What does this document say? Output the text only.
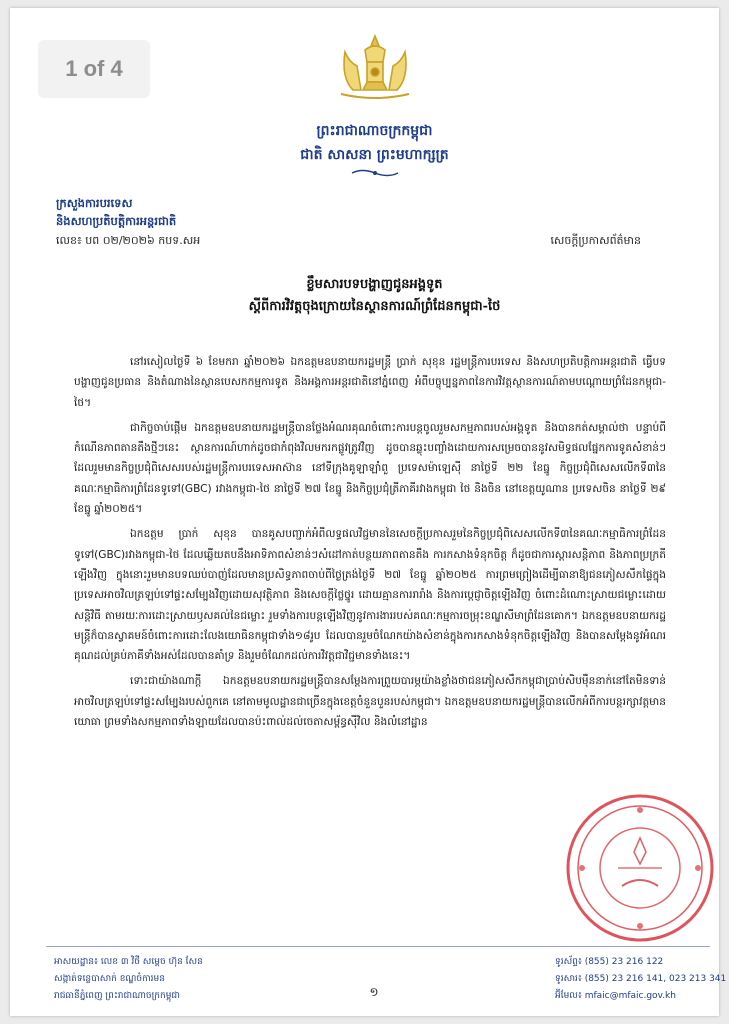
1 of 4
ព្រះរាជាណាចក្រកម្ពុជា
ជាតិ សាសនា ព្រះមហាក្សត្រ
ក្រសួងការបរទេស
និងសហប្រតិបត្តិការអន្តរជាតិ
លេខ៖ បព ០២/២០២៦ កបទ.សអ	សេចក្តីប្រកាសព័ត៌មាន
ខ្លឹមសារបទបង្ហាញជូនអង្គទូត
ស្តីពីការវិវត្តចុងក្រោយនៃស្ថានការណ៍ព្រំដែនកម្ពុជា-ថៃ

នៅរសៀលថ្ងៃទី ៦ ខែមករា ឆ្នាំ២០២៦ ឯកឧត្តមឧបនាយករដ្ឋមន្ត្រី ប្រាក់ សុខុន រដ្ឋមន្ត្រីការបរទេស និងសហប្រតិបត្តិការអន្តរជាតិ ធ្វើបទបង្ហាញជូនប្រធាន និងតំណាងនៃស្ថានបេសកកម្មការទូត និងអង្គការអន្តរជាតិនៅភ្នំពេញ អំពីបច្ចុប្បន្នភាពនៃការវិវត្តស្ថានការណ៍តាមបណ្តោយព្រំដែនកម្ពុជា-ថៃ។

ជាកិច្ចចាប់ផ្តើម ឯកឧត្តមឧបនាយករដ្ឋមន្ត្រីបានថ្លែងអំណរគុណចំពោះការបន្តចូលរួមសកម្មភាពរបស់អង្គទូត និងបានកត់សម្គាល់ថា បន្ទាប់ពីកំណើនភាពតានតឹងថ្មីៗនេះ ស្ថានការណ៍ហាក់ដូចជាកំពុងវិលមករកផ្លូវត្រូវវិញ ដូចបានឆ្លុះបញ្ចាំងដោយការសម្រេចបាននូវសមិទ្ធផលផ្នែកការទូតសំខាន់ៗ ដែលរួមមានកិច្ចប្រជុំពិសេសរបស់រដ្ឋមន្ត្រីការបរទេសអាស៊ាន នៅទីក្រុងគូឡាឡាំពួ ប្រទេសម៉ាឡេស៊ី នាថ្ងៃទី ២២ ខែធ្នូ កិច្ចប្រជុំពិសេសលើកទី៣នៃគណៈកម្មាធិការព្រំដែនទូទៅ(GBC) រវាងកម្ពុជា-ថៃ នាថ្ងៃទី ២៧ ខែធ្នូ និងកិច្ចប្រជុំត្រីភាគីរវាងកម្ពុជា ថៃ និងចិន នៅខេត្តយូណាន ប្រទេសចិន នាថ្ងៃទី ២៩ ខែធ្នូ ឆ្នាំ២០២៥។

ឯកឧត្តម ប្រាក់ សុខុន បានគូសបញ្ជាក់អំពីលទ្ធផលវិជ្ជមាននៃសេចក្តីប្រកាសរួមនៃកិច្ចប្រជុំពិសេសលើកទី៣នៃគណៈកម្មាធិការព្រំដែនទូទៅ(GBC)រវាងកម្ពុជា-ថៃ ដែលឆ្លើយតបនឹងអាទិភាពសំខាន់ៗសំដៅកាត់បន្ថយភាពតានតឹង ការកសាងទំនុកចិត្ត ក៏ដូចជាការស្តារសន្តិភាព និងភាពប្រក្រតីឡើងវិញ ក្នុងនោះរួមមានបទឈប់បាញ់ដែលមានប្រសិទ្ធភាពចាប់ពីថ្ងៃត្រង់ថ្ងៃទី ២៧ ខែធ្នូ ឆ្នាំ២០២៥ ការព្រមព្រៀងដើម្បីធានាឱ្យជនភៀសសឹកផ្ទៃក្នុងប្រទេសអាចវិលត្រឡប់ទៅផ្ទះសម្បែងវិញដោយសុវត្ថិភាព និងសេចក្តីថ្លៃថ្នូរ ដោយគ្មានការរារាំង និងការប្តេជ្ញាចិត្តឡើងវិញ ចំពោះដំណោះស្រាយជម្លោះដោយសន្តិវិធី តាមរយៈការដោះស្រាយឫសគល់នៃជម្លោះ រួមទាំងការបន្តឡើងវិញនូវការងាររបស់គណៈកម្មការចម្រុះខណ្ឌសីមាព្រំដែនគោក។ ឯកឧត្តមឧបនាយករដ្ឋមន្ត្រីក៏បានស្វាគមន៍ចំពោះការដោះលែងយោធិនកម្ពុជាទាំង១៨រូប ដែលបានរួមចំណែកយ៉ាងសំខាន់ក្នុងការកសាងទំនុកចិត្តឡើងវិញ និងបានសម្តែងនូវអំណរគុណដល់គ្រប់ភាគីទាំងអស់ដែលបានគាំទ្រ និងរួមចំណែកដល់ការវិវត្តជាវិជ្ជមានទាំងនេះ។

ទោះជាយ៉ាងណាក្តី ឯកឧត្តមឧបនាយករដ្ឋមន្ត្រីបានសម្តែងការព្រួយបារម្ភយ៉ាងខ្លាំងថាជនភៀសសឹកកម្ពុជាប្រាប់សិបម៉ឺននាក់នៅតែមិនទាន់អាចវិលត្រឡប់ទៅផ្ទះសម្បែងរបស់ពួកគេ នៅតាមមូលដ្ឋានជាច្រើនក្នុងខេត្តចំនួនបួនរបស់កម្ពុជា។ ឯកឧត្តមឧបនាយករដ្ឋមន្ត្រីបានលើកអំពីការបន្តរក្សាវត្តមានយោធា ព្រមទាំងសកម្មភាពទាំងឡាយដែលបានប៉ះពាល់ដល់ចេតាសម្ព័ន្ធស៊ីវិល និងលំនៅដ្ឋាន

អាសយដ្ឋាន៖ លេខ ៣ វិថី សម្តេច ហ៊ុន សែន
សង្កាត់ទន្លេបាសាក់ ខណ្ឌចំការមន
រាជធានីភ្នំពេញ ព្រះរាជាណាចក្រកម្ពុជា	១
ទូរស័ព្ទ៖ (855) 23 216 122
ទូរសារ៖ (855) 23 216 141, 023 213 341
អ៊ីមែល៖ mfaic@mfaic.gov.kh
